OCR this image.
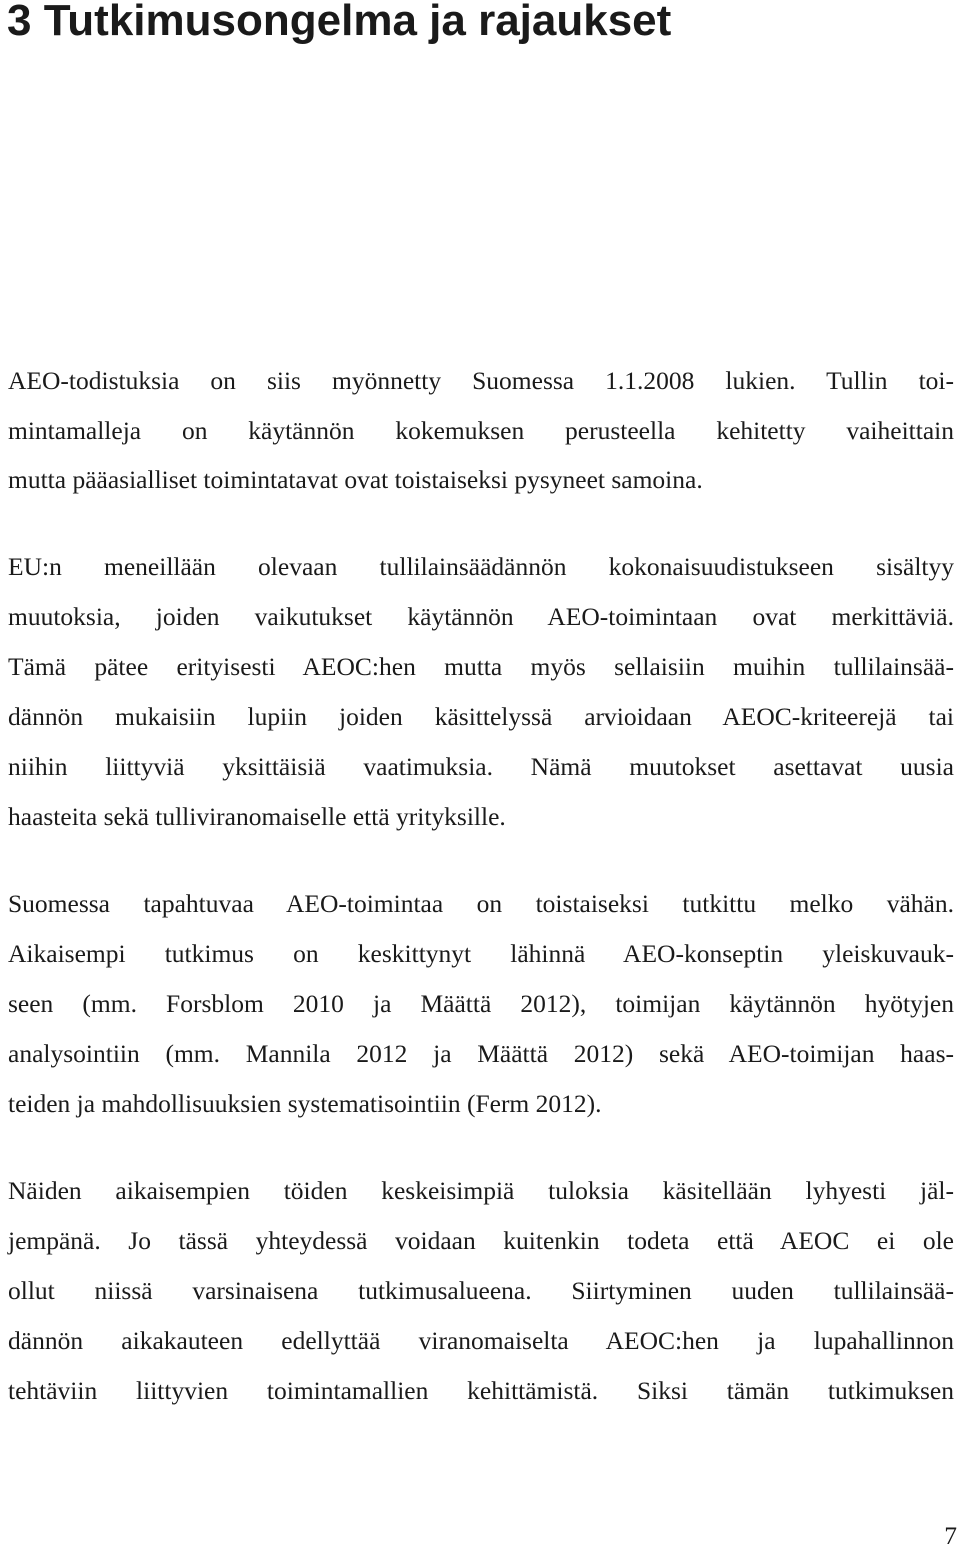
3 Tutkimusongelma ja rajaukset
AEO-todistuksia on siis myönnetty Suomessa 1.1.2008 lukien. Tullin toi-
mintamalleja on käytännön kokemuksen perusteella kehitetty vaiheittain
mutta pääasialliset toimintatavat ovat toistaiseksi pysyneet samoina.
EU:n meneillään olevaan tullilainsäädännön kokonaisuudistukseen sisältyy
muutoksia, joiden vaikutukset käytännön AEO-toimintaan ovat merkittäviä.
Tämä pätee erityisesti AEOC:hen mutta myös sellaisiin muihin tullilainsää-
dännön mukaisiin lupiin joiden käsittelyssä arvioidaan AEOC-kriteerejä tai
niihin liittyviä yksittäisiä vaatimuksia. Nämä muutokset asettavat uusia
haasteita sekä tulliviranomaiselle että yrityksille.
Suomessa tapahtuvaa AEO-toimintaa on toistaiseksi tutkittu melko vähän.
Aikaisempi tutkimus on keskittynyt lähinnä AEO-konseptin yleiskuvauk-
seen (mm. Forsblom 2010 ja Määttä 2012), toimijan käytännön hyötyjen
analysointiin (mm. Mannila 2012 ja Määttä 2012) sekä AEO-toimijan haas-
teiden ja mahdollisuuksien systematisointiin (Ferm 2012).
Näiden aikaisempien töiden keskeisimpiä tuloksia käsitellään lyhyesti jäl-
jempänä. Jo tässä yhteydessä voidaan kuitenkin todeta että AEOC ei ole
ollut niissä varsinaisena tutkimusalueena. Siirtyminen uuden tullilainsää-
dännön aikakauteen edellyttää viranomaiselta AEOC:hen ja lupahallinnon
tehtäviin liittyvien toimintamallien kehittämistä. Siksi tämän tutkimuksen
7
